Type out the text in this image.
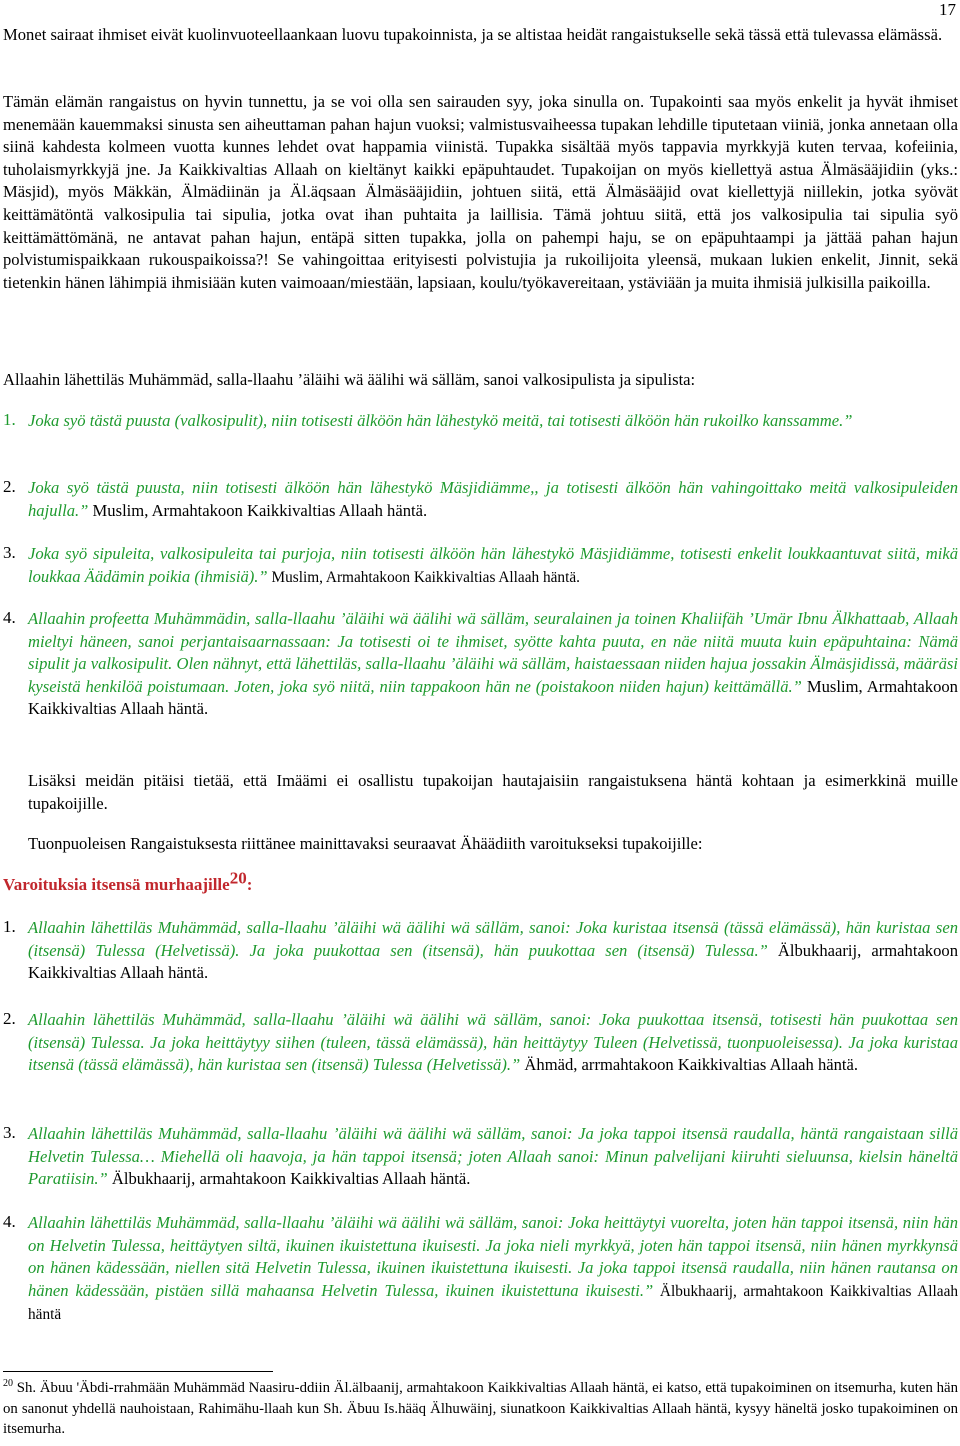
17

Monet sairaat ihmiset eivät kuolinvuoteellaankaan luovu tupakoinnista, ja se altistaa heidät rangaistukselle sekä tässä että tulevassa elämässä.

Tämän elämän rangaistus on hyvin tunnettu, ja se voi olla sen sairauden syy, joka sinulla on. Tupakointi saa myös enkelit ja hyvät ihmiset menemään kauemmaksi sinusta sen aiheuttaman pahan hajun vuoksi; valmistusvaiheessa tupakan lehdille tiputetaan viiniä, jonka annetaan olla siinä kahdesta kolmeen vuotta kunnes lehdet ovat happamia viinistä. Tupakka sisältää myös tappavia myrkkyjä kuten tervaa, kofeiinia, tuholaismyrkkyjä jne. Ja Kaikkivaltias Allaah on kieltänyt kaikki epäpuhtaudet. Tupakoijan on myös kiellettyä astua Älmäsääjidiin (yks.: Mäsjid), myös Mäkkän, Älmädiinän ja Äl.äqsaan Älmäsääjidiin, johtuen siitä, että Älmäsääjid ovat kiellettyjä niillekin, jotka syövät keittämätöntä valkosipulia tai sipulia, jotka ovat ihan puhtaita ja laillisia. Tämä johtuu siitä, että jos valkosipulia tai sipulia syö keittämättömänä, ne antavat pahan hajun, entäpä sitten tupakka, jolla on pahempi haju, se on epäpuhtaampi ja jättää pahan hajun polvistumispaikkaan rukouspaikoissa?! Se vahingoittaa erityisesti polvistujia ja rukoilijoita yleensä, mukaan lukien enkelit, Jinnit, sekä tietenkin hänen lähimpiä ihmisiään kuten vaimoaan/miestään, lapsiaan, koulu/työkavereitaan, ystäviään ja muita ihmisiä julkisilla paikoilla.

Allaahin lähettiläs Muhämmäd, salla-llaahu ’äläihi wä äälihi wä sälläm, sanoi valkosipulista ja sipulista:

1. Joka syö tästä puusta (valkosipulit), niin totisesti älköön hän lähestykö meitä, tai totisesti älköön hän rukoilko kanssamme.”

2. Joka syö tästä puusta, niin totisesti älköön hän lähestykö Mäsjidiämme,, ja totisesti älköön hän vahingoittako meitä valkosipuleiden hajulla.” Muslim, Armahtakoon Kaikkivaltias Allaah häntä.

3. Joka syö sipuleita, valkosipuleita tai purjoja, niin totisesti älköön hän lähestykö Mäsjidiämme, totisesti enkelit loukkaantuvat siitä, mikä loukkaa Äädämin poikia (ihmisiä).” Muslim, Armahtakoon Kaikkivaltias Allaah häntä.

4. Allaahin profeetta Muhämmädin, salla-llaahu ’äläihi wä äälihi wä sälläm, seuralainen ja toinen Khaliifäh ’Umär Ibnu Älkhattaab, Allaah mieltyi häneen, sanoi perjantaisaarnassaan: Ja totisesti oi te ihmiset, syötte kahta puuta, en näe niitä muuta kuin epäpuhtaina: Nämä sipulit ja valkosipulit. Olen nähnyt, että lähettiläs, salla-llaahu ’äläihi wä sälläm, haistaessaan niiden hajua jossakin Älmäsjidissä, määräsi kyseistä henkilöä poistumaan. Joten, joka syö niitä, niin tappakoon hän ne (poistakoon niiden hajun) keittämällä.” Muslim, Armahtakoon Kaikkivaltias Allaah häntä.

Lisäksi meidän pitäisi tietää, että Imäämi ei osallistu tupakoijan hautajaisiin rangaistuksena häntä kohtaan ja esimerkkinä muille tupakoijille.

Tuonpuoleisen Rangaistuksesta riittänee mainittavaksi seuraavat Ähäädiith varoitukseksi tupakoijille:

Varoituksia itsensä murhaajille$^{20}$:

1. Allaahin lähettiläs Muhämmäd, salla-llaahu ’äläihi wä äälihi wä sälläm, sanoi: Joka kuristaa itsensä (tässä elämässä), hän kuristaa sen (itsensä) Tulessa (Helvetissä). Ja joka puukottaa sen (itsensä), hän puukottaa sen (itsensä) Tulessa.” Älbukhaarij, armahtakoon Kaikkivaltias Allaah häntä.

2. Allaahin lähettiläs Muhämmäd, salla-llaahu ’äläihi wä äälihi wä sälläm, sanoi: Joka puukottaa itsensä, totisesti hän puukottaa sen (itsensä) Tulessa. Ja joka heittäytyy siihen (tuleen, tässä elämässä), hän heittäytyy Tuleen (Helvetissä, tuonpuoleisessa). Ja joka kuristaa itsensä (tässä elämässä), hän kuristaa sen (itsensä) Tulessa (Helvetissä).” Ähmäd, arrmahtakoon Kaikkivaltias Allaah häntä.

3. Allaahin lähettiläs Muhämmäd, salla-llaahu ’äläihi wä äälihi wä sälläm, sanoi: Ja joka tappoi itsensä raudalla, häntä rangaistaan sillä Helvetin Tulessa… Miehellä oli haavoja, ja hän tappoi itsensä; joten Allaah sanoi: Minun palvelijani kiiruhti sieluunsa, kielsin häneltä Paratiisin.” Älbukhaarij, armahtakoon Kaikkivaltias Allaah häntä.

4. Allaahin lähettiläs Muhämmäd, salla-llaahu ’äläihi wä äälihi wä sälläm, sanoi: Joka heittäytyi vuorelta, joten hän tappoi itsensä, niin hän on Helvetin Tulessa, heittäytyen siltä, ikuinen ikuistettuna ikuisesti. Ja joka nieli myrkkyä, joten hän tappoi itsensä, niin hänen myrkkynsä on hänen kädessään, niellen sitä Helvetin Tulessa, ikuinen ikuistettuna ikuisesti. Ja joka tappoi itsensä raudalla, niin hänen rautansa on hänen kädessään, pistäen sillä mahaansa Helvetin Tulessa, ikuinen ikuistettuna ikuisesti.” Älbukhaarij, armahtakoon Kaikkivaltias Allaah häntä

$^{20}$ Sh. Äbuu 'Äbdi-rrahmään Muhämmäd Naasiru-ddiin Äl.älbaanij, armahtakoon Kaikkivaltias Allaah häntä, ei katso, että tupakoiminen on itsemurha, kuten hän on sanonut yhdellä nauhoistaan, Rahimähu-llaah kun Sh. Äbuu Is.hääq Älhuwäinj, siunatkoon Kaikkivaltias Allaah häntä, kysyy häneltä josko tupakoiminen on itsemurha.
